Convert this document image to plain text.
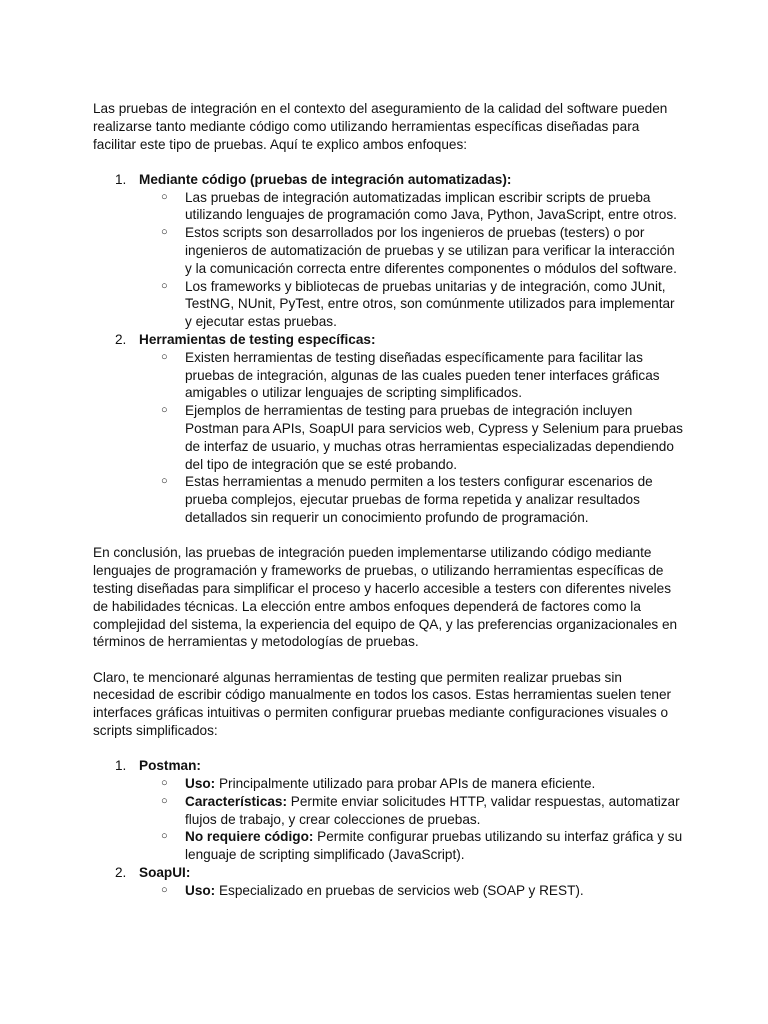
Las pruebas de integración en el contexto del aseguramiento de la calidad del software pueden realizarse tanto mediante código como utilizando herramientas específicas diseñadas para facilitar este tipo de pruebas. Aquí te explico ambos enfoques:

1. Mediante código (pruebas de integración automatizadas):
○
Las pruebas de integración automatizadas implican escribir scripts de prueba utilizando lenguajes de programación como Java, Python, JavaScript, entre otros.
○
Estos scripts son desarrollados por los ingenieros de pruebas (testers) o por ingenieros de automatización de pruebas y se utilizan para verificar la interacción y la comunicación correcta entre diferentes componentes o módulos del software.
○
Los frameworks y bibliotecas de pruebas unitarias y de integración, como JUnit, TestNG, NUnit, PyTest, entre otros, son comúnmente utilizados para implementar y ejecutar estas pruebas.
2. Herramientas de testing específicas:
○
Existen herramientas de testing diseñadas específicamente para facilitar las pruebas de integración, algunas de las cuales pueden tener interfaces gráficas amigables o utilizar lenguajes de scripting simplificados.
○
Ejemplos de herramientas de testing para pruebas de integración incluyen Postman para APIs, SoapUI para servicios web, Cypress y Selenium para pruebas de interfaz de usuario, y muchas otras herramientas especializadas dependiendo del tipo de integración que se esté probando.
○
Estas herramientas a menudo permiten a los testers configurar escenarios de prueba complejos, ejecutar pruebas de forma repetida y analizar resultados detallados sin requerir un conocimiento profundo de programación.

En conclusión, las pruebas de integración pueden implementarse utilizando código mediante lenguajes de programación y frameworks de pruebas, o utilizando herramientas específicas de testing diseñadas para simplificar el proceso y hacerlo accesible a testers con diferentes niveles de habilidades técnicas. La elección entre ambos enfoques dependerá de factores como la complejidad del sistema, la experiencia del equipo de QA, y las preferencias organizacionales en términos de herramientas y metodologías de pruebas.

Claro, te mencionaré algunas herramientas de testing que permiten realizar pruebas sin necesidad de escribir código manualmente en todos los casos. Estas herramientas suelen tener interfaces gráficas intuitivas o permiten configurar pruebas mediante configuraciones visuales o scripts simplificados:

1. Postman:
○
Uso: Principalmente utilizado para probar APIs de manera eficiente.
○
Características: Permite enviar solicitudes HTTP, validar respuestas, automatizar flujos de trabajo, y crear colecciones de pruebas.
○
No requiere código: Permite configurar pruebas utilizando su interfaz gráfica y su lenguaje de scripting simplificado (JavaScript).
2. SoapUI:
○
Uso: Especializado en pruebas de servicios web (SOAP y REST).
